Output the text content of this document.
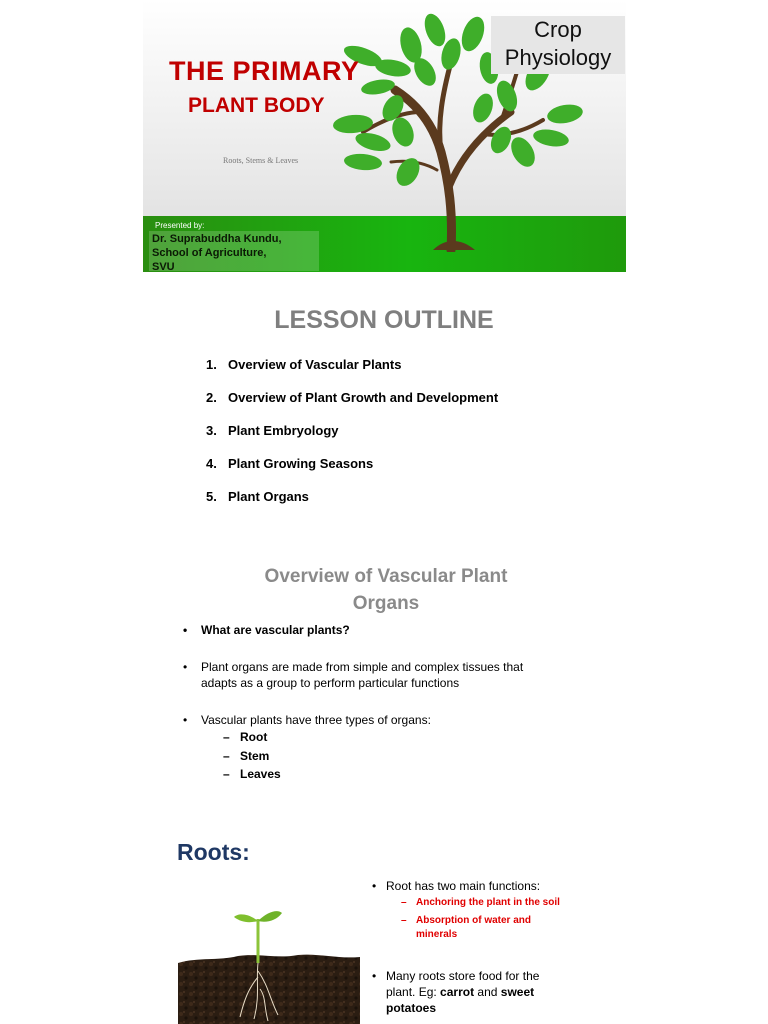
Crop
Physiology
THE PRIMARY
PLANT BODY
Roots, Stems & Leaves
Presented by:
Dr. Suprabuddha Kundu,
School of Agriculture,
SVU
LESSON OUTLINE
1. Overview of Vascular Plants
2. Overview of Plant Growth and Development
3. Plant Embryology
4. Plant Growing Seasons
5. Plant Organs
Overview of Vascular Plant
Organs
• What are vascular plants?
• Plant organs are made from simple and complex tissues that
adapts as a group to perform particular functions
• Vascular plants have three types of organs:
– Root
– Stem
– Leaves
Roots:
• Root has two main functions:
– Anchoring the plant in the soil
– Absorption of water and
minerals
• Many roots store food for the
plant. Eg: carrot and sweet
potatoes
